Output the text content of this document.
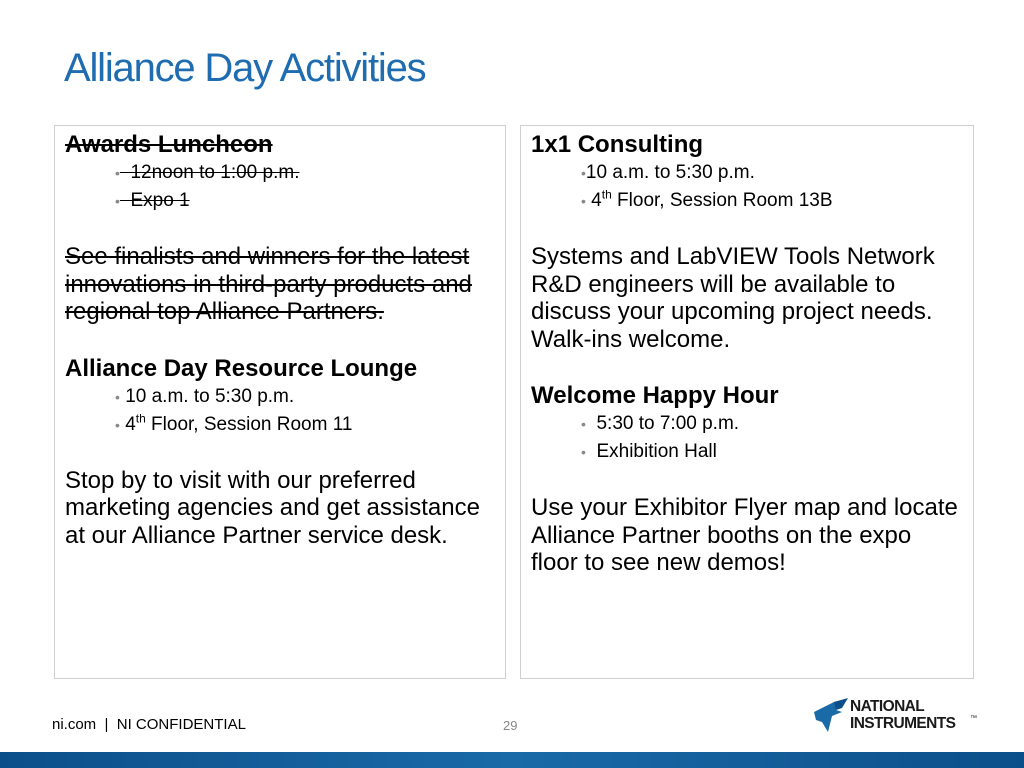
Alliance Day Activities

Awards Luncheon

•  12noon to 1:00 p.m.
•  Expo 1

See finalists and winners for the latest innovations in third-party products and regional top Alliance Partners.

Alliance Day Resource Lounge

• 10 a.m. to 5:30 p.m.
• 4th Floor, Session Room 11

Stop by to visit with our preferred marketing agencies and get assistance at our Alliance Partner service desk.

1x1 Consulting

•10 a.m. to 5:30 p.m.
• 4th Floor, Session Room 13B

Systems and LabVIEW Tools Network R&D engineers will be available to discuss your upcoming project needs. Walk-ins welcome.

Welcome Happy Hour

• 5:30 to 7:00 p.m.
• Exhibition Hall

Use your Exhibitor Flyer map and locate Alliance Partner booths on the expo floor to see new demos!

ni.com  |  NI CONFIDENTIAL	29
NATIONAL
INSTRUMENTS ™
